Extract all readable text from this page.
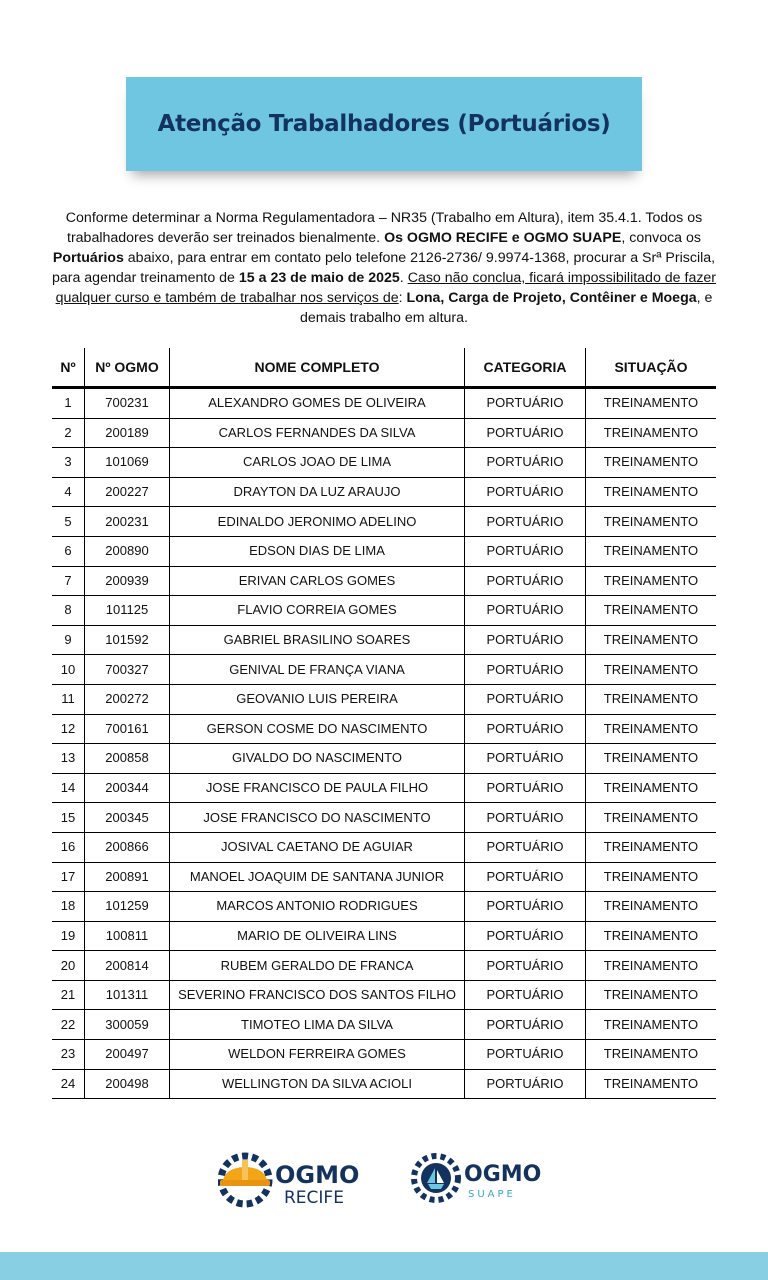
Atenção Trabalhadores (Portuários)
Conforme determinar a Norma Regulamentadora – NR35 (Trabalho em Altura), item 35.4.1. Todos os trabalhadores deverão ser treinados bienalmente. Os OGMO RECIFE e OGMO SUAPE, convoca os Portuários abaixo, para entrar em contato pelo telefone 2126-2736/ 9.9974-1368, procurar a Srª Priscila, para agendar treinamento de 15 a 23 de maio de 2025. Caso não conclua, ficará impossibilitado de fazer qualquer curso e também de trabalhar nos serviços de: Lona, Carga de Projeto, Contêiner e Moega, e demais trabalho em altura.
Nº	Nº OGMO	NOME COMPLETO	CATEGORIA	SITUAÇÃO
1	700231	ALEXANDRO GOMES DE OLIVEIRA	PORTUÁRIO	TREINAMENTO
2	200189	CARLOS FERNANDES DA SILVA	PORTUÁRIO	TREINAMENTO
3	101069	CARLOS JOAO DE LIMA	PORTUÁRIO	TREINAMENTO
4	200227	DRAYTON DA LUZ ARAUJO	PORTUÁRIO	TREINAMENTO
5	200231	EDINALDO JERONIMO ADELINO	PORTUÁRIO	TREINAMENTO
6	200890	EDSON DIAS DE LIMA	PORTUÁRIO	TREINAMENTO
7	200939	ERIVAN CARLOS GOMES	PORTUÁRIO	TREINAMENTO
8	101125	FLAVIO CORREIA GOMES	PORTUÁRIO	TREINAMENTO
9	101592	GABRIEL BRASILINO SOARES	PORTUÁRIO	TREINAMENTO
10	700327	GENIVAL DE FRANÇA VIANA	PORTUÁRIO	TREINAMENTO
11	200272	GEOVANIO LUIS PEREIRA	PORTUÁRIO	TREINAMENTO
12	700161	GERSON COSME DO NASCIMENTO	PORTUÁRIO	TREINAMENTO
13	200858	GIVALDO DO NASCIMENTO	PORTUÁRIO	TREINAMENTO
14	200344	JOSE FRANCISCO DE PAULA FILHO	PORTUÁRIO	TREINAMENTO
15	200345	JOSE FRANCISCO DO NASCIMENTO	PORTUÁRIO	TREINAMENTO
16	200866	JOSIVAL CAETANO DE AGUIAR	PORTUÁRIO	TREINAMENTO
17	200891	MANOEL JOAQUIM DE SANTANA JUNIOR	PORTUÁRIO	TREINAMENTO
18	101259	MARCOS ANTONIO RODRIGUES	PORTUÁRIO	TREINAMENTO
19	100811	MARIO DE OLIVEIRA LINS	PORTUÁRIO	TREINAMENTO
20	200814	RUBEM GERALDO DE FRANCA	PORTUÁRIO	TREINAMENTO
21	101311	SEVERINO FRANCISCO DOS SANTOS FILHO	PORTUÁRIO	TREINAMENTO
22	300059	TIMOTEO LIMA DA SILVA	PORTUÁRIO	TREINAMENTO
23	200497	WELDON FERREIRA GOMES	PORTUÁRIO	TREINAMENTO
24	200498	WELLINGTON DA SILVA ACIOLI	PORTUÁRIO	TREINAMENTO
OGMO
RECIFE
OGMO
SUAPE
